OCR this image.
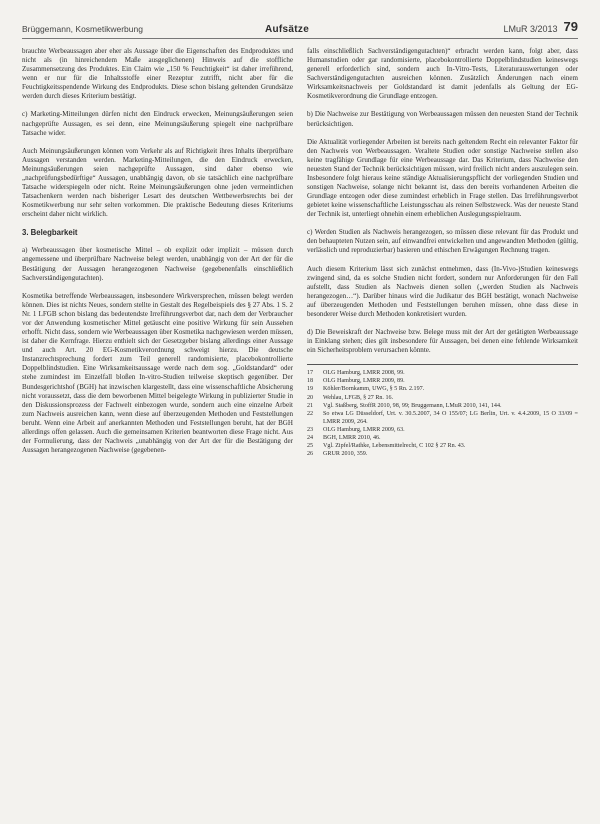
Brüggemann, Kosmetikwerbung	Aufsätze	LMuR 3/2013 79

brauchte Werbeaussagen aber eher als Aussage über die Eigenschaften des Endproduktes und nicht als (in hinreichendem Maße ausgeglichenen) Hinweis auf die stoffliche Zusammensetzung des Produktes. Ein Claim wie „150 % Feuchtigkeit“ ist daher irreführend, wenn er nur für die Inhaltsstoffe einer Rezeptur zutrifft, nicht aber für die Feuchtigkeitsspendende Wirkung des Endprodukts. Diese schon bislang geltenden Grundsätze werden durch dieses Kriterium bestätigt.

c) Marketing-Mitteilungen dürfen nicht den Eindruck erwecken, Meinungsäußerungen seien nachgeprüfte Aussagen, es sei denn, eine Meinungsäußerung spiegelt eine nachprüfbare Tatsache wider.

Auch Meinungsäußerungen können vom Verkehr als auf Richtigkeit ihres Inhalts überprüfbare Aussagen verstanden werden. Marketing-Mitteilungen, die den Eindruck erwecken, Meinungsäußerungen seien nachgeprüfte Aussagen, sind daher ebenso wie „nachprüfungsbedürftige“ Aussagen, unabhängig davon, ob sie tatsächlich eine nachprüfbare Tatsache widerspiegeln oder nicht. Reine Meinungsäußerungen ohne jeden vermeintlichen Tatsachenkern werden nach bisheriger Lesart des deutschen Wettbewerbsrechts bei der Kosmetikwerbung nur sehr selten vorkommen. Die praktische Bedeutung dieses Kriteriums erscheint daher nicht wirklich.

3. Belegbarkeit

a) Werbeaussagen über kosmetische Mittel – ob explizit oder implizit – müssen durch angemessene und überprüfbare Nachweise belegt werden, unabhängig von der Art der für die Bestätigung der Aussagen herangezogenen Nachweise (gegebenenfalls einschließlich Sachverständigengutachten).

Kosmetika betreffende Werbeaussagen, insbesondere Wirkversprechen, müssen belegt werden können. Dies ist nichts Neues, sondern stellte in Gestalt des Regelbeispiels des § 27 Abs. 1 S. 2 Nr. 1 LFGB schon bislang das bedeutendste Irreführungsverbot dar, nach dem der Verbraucher vor der Anwendung kosmetischer Mittel getäuscht eine positive Wirkung für sein Aussehen erhofft. Nicht dass, sondern wie Werbeaussagen über Kosmetika nachgewiesen werden müssen, ist daher die Kernfrage. Hierzu enthielt sich der Gesetzgeber bislang allerdings einer Aussage und auch Art. 20 EG-Kosmetikverordnung schweigt hierzu. Die deutsche Instanzrechtsprechung fordert zum Teil generell randomisierte, placebokontrollierte Doppelblindstudien. Eine Wirksamkeitsaussage werde nach dem sog. „Goldstandard“ oder stehe zumindest im Einzelfall bloßen In-vitro-Studien teilweise skeptisch gegenüber. Der Bundesgerichtshof (BGH) hat inzwischen klargestellt, dass eine wissenschaftliche Absicherung nicht voraussetzt, dass die dem beworbenen Mittel beigelegte Wirkung in publizierter Studie in den Diskussionsprozess der Fachwelt einbezogen wurde, sondern auch eine einzelne Arbeit zum Nachweis ausreichen kann, wenn diese auf überzeugenden Methoden und Feststellungen beruht. Wenn eine Arbeit auf anerkannten Methoden und Feststellungen beruht, hat der BGH allerdings offen gelassen. Auch die gemeinsamen Kriterien beantworten diese Frage nicht. Aus der Formulierung, dass der Nachweis „unabhängig von der Art der für die Bestätigung der Aussagen herangezogenen Nachweise (gegebenen-

falls einschließlich Sachverständigengutachten)“ erbracht werden kann, folgt aber, dass Humanstudien oder gar randomisierte, placebokontrollierte Doppelblindstudien keineswegs generell erforderlich sind, sondern auch In-Vitro-Tests, Literaturauswertungen oder Sachverständigengutachten ausreichen können. Zusätzlich Änderungen nach einem Wirksamkeitsnachweis per Goldstandard ist damit jedenfalls als Geltung der EG-Kosmetikverordnung die Grundlage entzogen.

b) Die Nachweise zur Bestätigung von Werbeaussagen müssen den neuesten Stand der Technik berücksichtigen.

Die Aktualität vorliegender Arbeiten ist bereits nach geltendem Recht ein relevanter Faktor für den Nachweis von Werbeaussagen. Veraltete Studien oder sonstige Nachweise stellen also keine tragfähige Grundlage für eine Werbeaussage dar. Das Kriterium, dass Nachweise den neuesten Stand der Technik berücksichtigen müssen, wird freilich nicht anders auszulegen sein. Insbesondere folgt hieraus keine ständige Aktualisierungspflicht der vorliegenden Studien und sonstigen Nachweise, solange nicht bekannt ist, dass den bereits vorhandenen Arbeiten die Grundlage entzogen oder diese zumindest erheblich in Frage stellen. Das Irreführungsverbot gebietet keine wissenschaftliche Leistungsschau als reinen Selbstzweck. Was der neueste Stand der Technik ist, unterliegt ohnehin einem erheblichen Auslegungsspielraum.

c) Werden Studien als Nachweis herangezogen, so müssen diese relevant für das Produkt und den behaupteten Nutzen sein, auf einwandfrei entwickelten und angewandten Methoden (gültig, verlässlich und reproduzierbar) basieren und ethischen Erwägungen Rechnung tragen.

Auch diesem Kriterium lässt sich zunächst entnehmen, dass (In-Vivo-)Studien keineswegs zwingend sind, da es solche Studien nicht fordert, sondern nur Anforderungen für den Fall aufstellt, dass Studien als Nachweis dienen sollen („werden Studien als Nachweis herangezogen…“). Darüber hinaus wird die Judikatur des BGH bestätigt, wonach Nachweise auf überzeugenden Methoden und Feststellungen beruhen müssen, ohne dass diese in besonderer Weise durch Methoden konkretisiert wurden.

d) Die Beweiskraft der Nachweise bzw. Belege muss mit der Art der getätigten Werbeaussage in Einklang stehen; dies gilt insbesondere für Aussagen, bei denen eine fehlende Wirksamkeit ein Sicherheitsproblem verursachen könnte.

17	OLG Hamburg, LMRR 2008, 99.
18	OLG Hamburg, LMRR 2009, 89.
19	Köhler/Bornkamm, UWG, § 5 Rn. 2.197.
20	Wehlau, LFGB, § 27 Rn. 16.
21	Vgl. Staßberg, StoffR 2010, 98, 99; Bruggemann, LMuR 2010, 141, 144.
22	So etwa LG Düsseldorf, Urt. v. 30.5.2007, 34 O 155/07; LG Berlin, Urt. v. 4.4.2009, 15 O 33/09 = LMRR 2009, 264.
23	OLG Hamburg, LMRR 2009, 63.
24	BGH, LMRR 2010, 46.
25	Vgl. Zipfel/Rathke, Lebensmittelrecht, C 102 § 27 Rn. 43.
26	GRUR 2010, 359.
